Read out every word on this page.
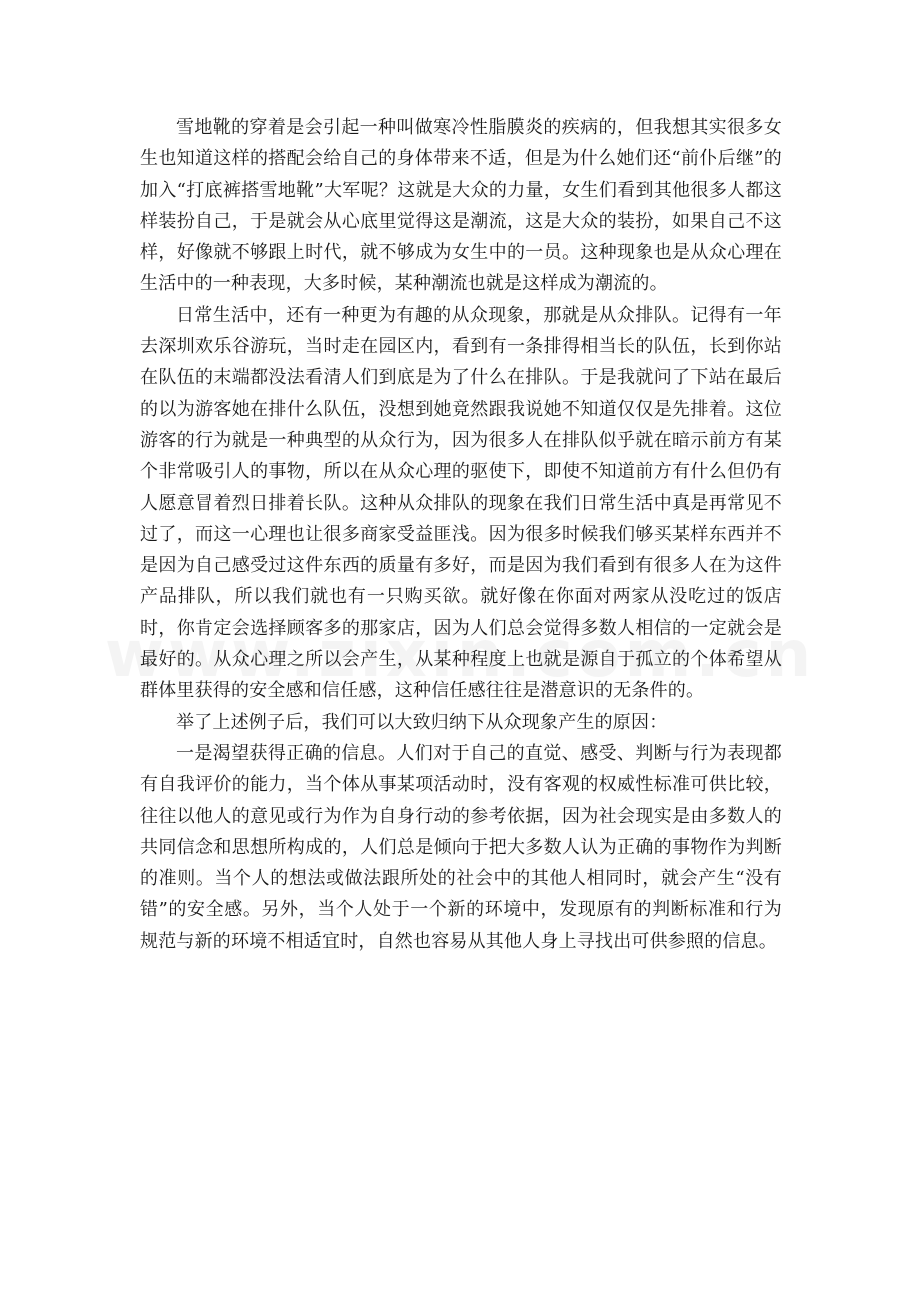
雪地靴的穿着是会引起一种叫做寒冷性脂膜炎的疾病的，但我想其实很多女生也知道这样的搭配会给自己的身体带来不适，但是为什么她们还“前仆后继”的加入“打底裤搭雪地靴”大军呢？这就是大众的力量，女生们看到其他很多人都这样装扮自己，于是就会从心底里觉得这是潮流，这是大众的装扮，如果自己不这样，好像就不够跟上时代，就不够成为女生中的一员。这种现象也是从众心理在生活中的一种表现，大多时候，某种潮流也就是这样成为潮流的。

日常生活中，还有一种更为有趣的从众现象，那就是从众排队。记得有一年去深圳欢乐谷游玩，当时走在园区内，看到有一条排得相当长的队伍，长到你站在队伍的末端都没法看清人们到底是为了什么在排队。于是我就问了下站在最后的以为游客她在排什么队伍，没想到她竟然跟我说她不知道仅仅是先排着。这位游客的行为就是一种典型的从众行为，因为很多人在排队似乎就在暗示前方有某个非常吸引人的事物，所以在从众心理的驱使下，即使不知道前方有什么但仍有人愿意冒着烈日排着长队。这种从众排队的现象在我们日常生活中真是再常见不过了，而这一心理也让很多商家受益匪浅。因为很多时候我们够买某样东西并不是因为自己感受过这件东西的质量有多好，而是因为我们看到有很多人在为这件产品排队，所以我们就也有一只购买欲。就好像在你面对两家从没吃过的饭店时，你肯定会选择顾客多的那家店，因为人们总会觉得多数人相信的一定就会是最好的。从众心理之所以会产生，从某种程度上也就是源自于孤立的个体希望从群体里获得的安全感和信任感，这种信任感往往是潜意识的无条件的。

举了上述例子后，我们可以大致归纳下从众现象产生的原因：

一是渴望获得正确的信息。人们对于自己的直觉、感受、判断与行为表现都有自我评价的能力，当个体从事某项活动时，没有客观的权威性标准可供比较，往往以他人的意见或行为作为自身行动的参考依据，因为社会现实是由多数人的共同信念和思想所构成的，人们总是倾向于把大多数人认为正确的事物作为判断的准则。当个人的想法或做法跟所处的社会中的其他人相同时，就会产生“没有错”的安全感。另外，当个人处于一个新的环境中，发现原有的判断标准和行为规范与新的环境不相适宜时，自然也容易从其他人身上寻找出可供参照的信息。
